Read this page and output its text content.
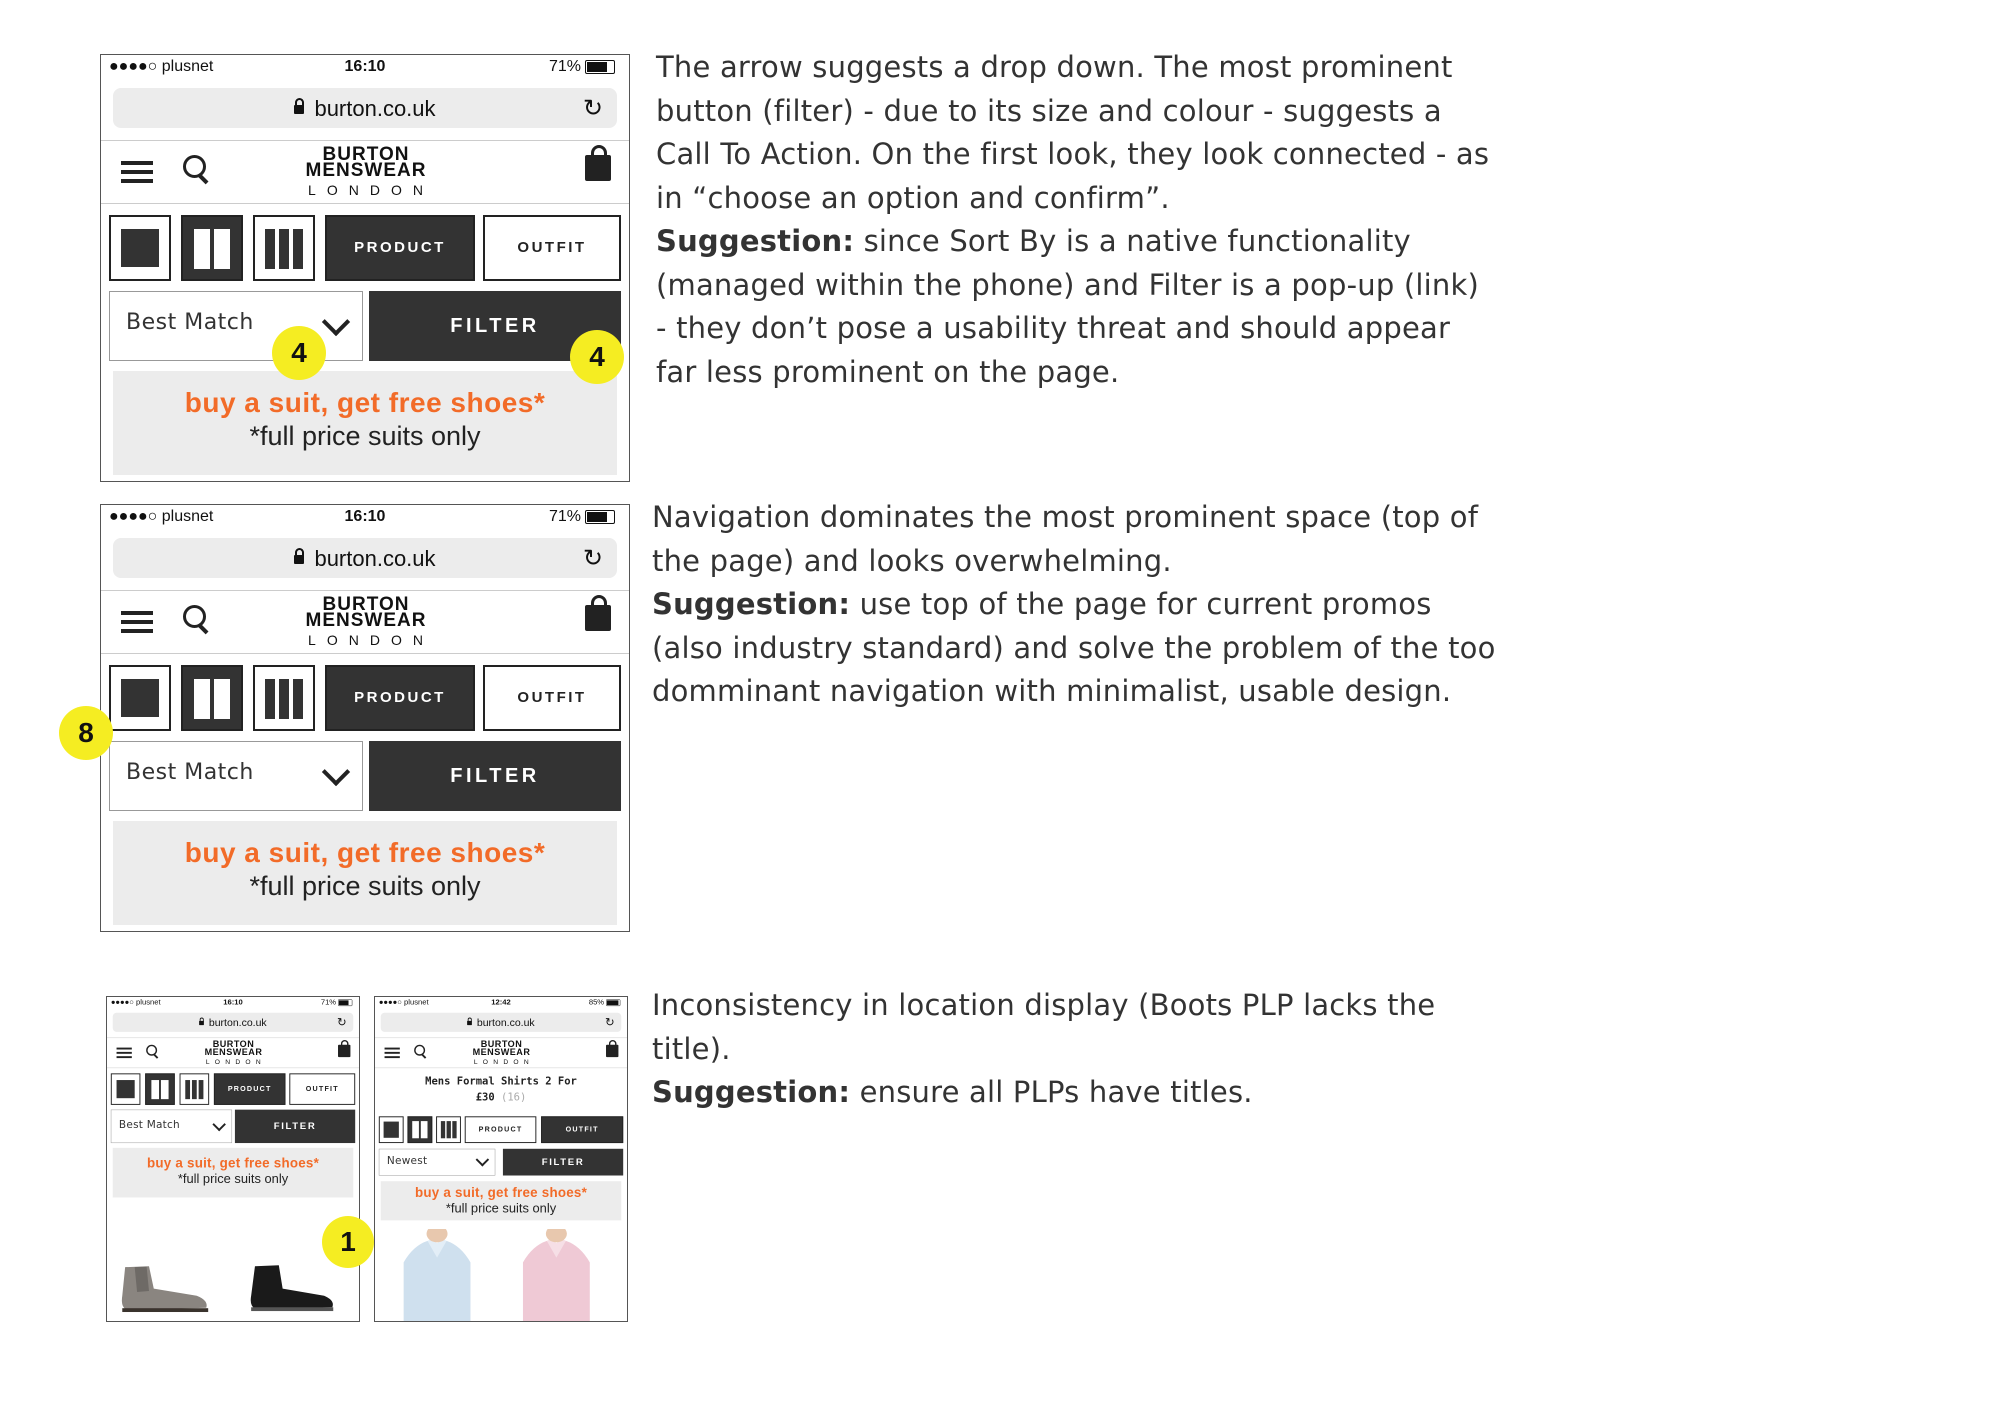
●●●●○ plusnet	16:10	71%
burton.co.uk	↻
BURTON
MENSWEAR
LONDON
PRODUCT	OUTFIT
Best Match	FILTER
buy a suit, get free shoes*
*full price suits only
4	4

The arrow suggests a drop down. The most prominent button (filter) - due to its size and colour - suggests a Call To Action. On the first look, they look connected - as in “choose an option and confirm”.

Suggestion: since Sort By is a native functionality (managed within the phone) and Filter is a pop-up (link) - they don’t pose a usability threat and should appear far less prominent on the page.

●●●●○ plusnet	16:10	71%
burton.co.uk	↻
BURTON
MENSWEAR
LONDON
PRODUCT	OUTFIT
Best Match	FILTER
buy a suit, get free shoes*
*full price suits only
8

Navigation dominates the most prominent space (top of the page) and looks overwhelming.

Suggestion: use top of the page for current promos (also industry standard) and solve the problem of the too domminant navigation with minimalist, usable design.

●●●●○ plusnet	16:10	71%
burton.co.uk	↻
BURTON
MENSWEAR
LONDON
PRODUCT	OUTFIT
Best Match	FILTER
buy a suit, get free shoes*
*full price suits only
●●●●○ plusnet	12:42	85%
burton.co.uk	↻
BURTON
MENSWEAR
LONDON
Mens Formal Shirts 2 For
£30 (16)
PRODUCT	OUTFIT
Newest	FILTER
buy a suit, get free shoes*
*full price suits only
1

Inconsistency in location display (Boots PLP lacks the title).

Suggestion: ensure all PLPs have titles.
